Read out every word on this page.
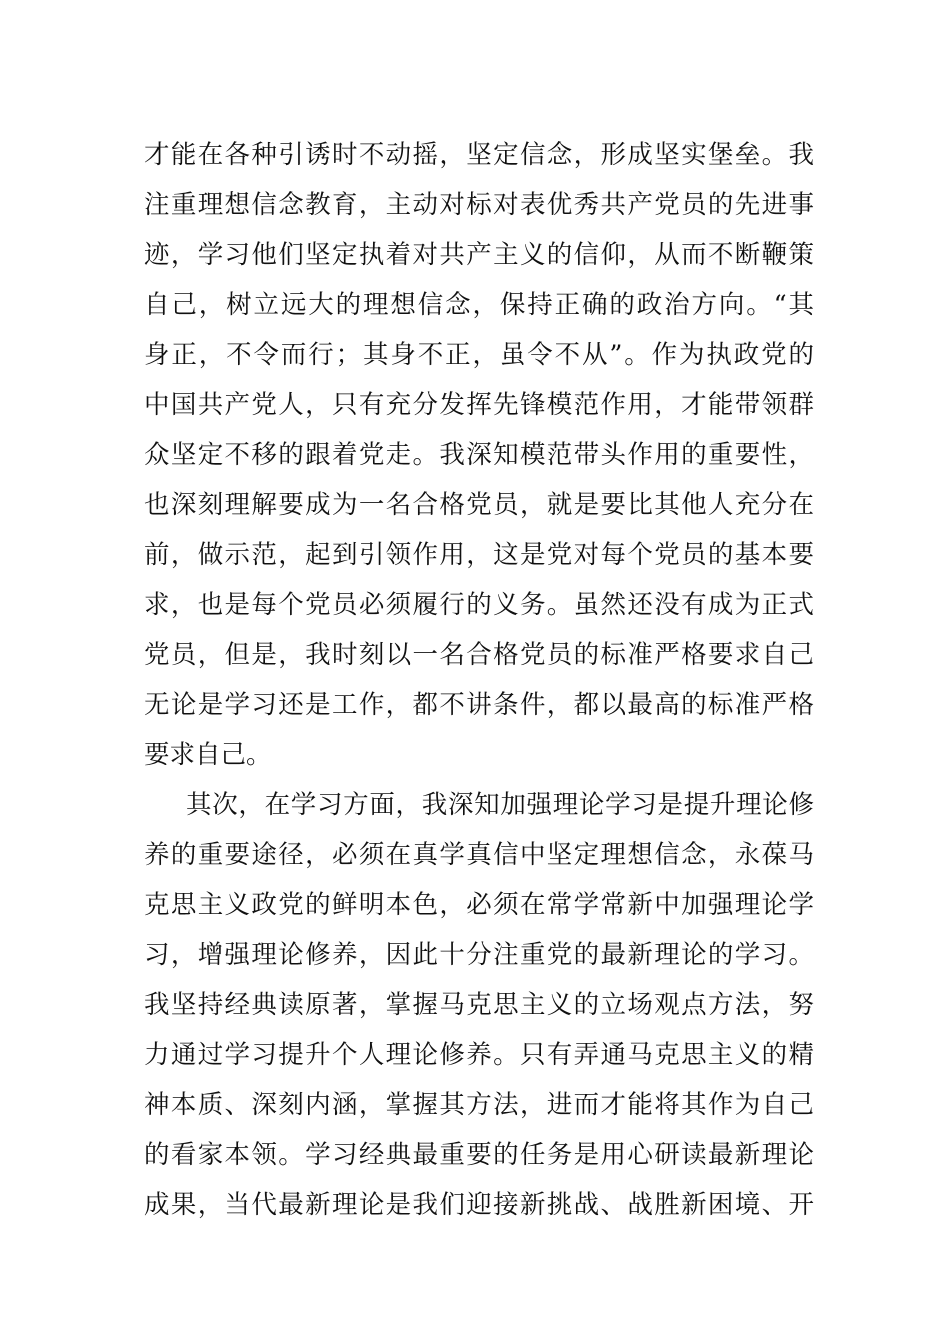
才能在各种引诱时不动摇，坚定信念，形成坚实堡垒。我
注重理想信念教育，主动对标对表优秀共产党员的先进事
迹，学习他们坚定执着对共产主义的信仰，从而不断鞭策
自己，树立远大的理想信念，保持正确的政治方向。“其
身正，不令而行；其身不正，虽令不从”。作为执政党的
中国共产党人，只有充分发挥先锋模范作用，才能带领群
众坚定不移的跟着党走。我深知模范带头作用的重要性，
也深刻理解要成为一名合格党员，就是要比其他人充分在
前，做示范，起到引领作用，这是党对每个党员的基本要
求，也是每个党员必须履行的义务。虽然还没有成为正式
党员，但是，我时刻以一名合格党员的标准严格要求自己
无论是学习还是工作，都不讲条件，都以最高的标准严格
要求自己。
其次，在学习方面，我深知加强理论学习是提升理论修
养的重要途径，必须在真学真信中坚定理想信念，永葆马
克思主义政党的鲜明本色，必须在常学常新中加强理论学
习，增强理论修养，因此十分注重党的最新理论的学习。
我坚持经典读原著，掌握马克思主义的立场观点方法，努
力通过学习提升个人理论修养。只有弄通马克思主义的精
神本质、深刻内涵，掌握其方法，进而才能将其作为自己
的看家本领。学习经典最重要的任务是用心研读最新理论
成果，当代最新理论是我们迎接新挑战、战胜新困境、开
